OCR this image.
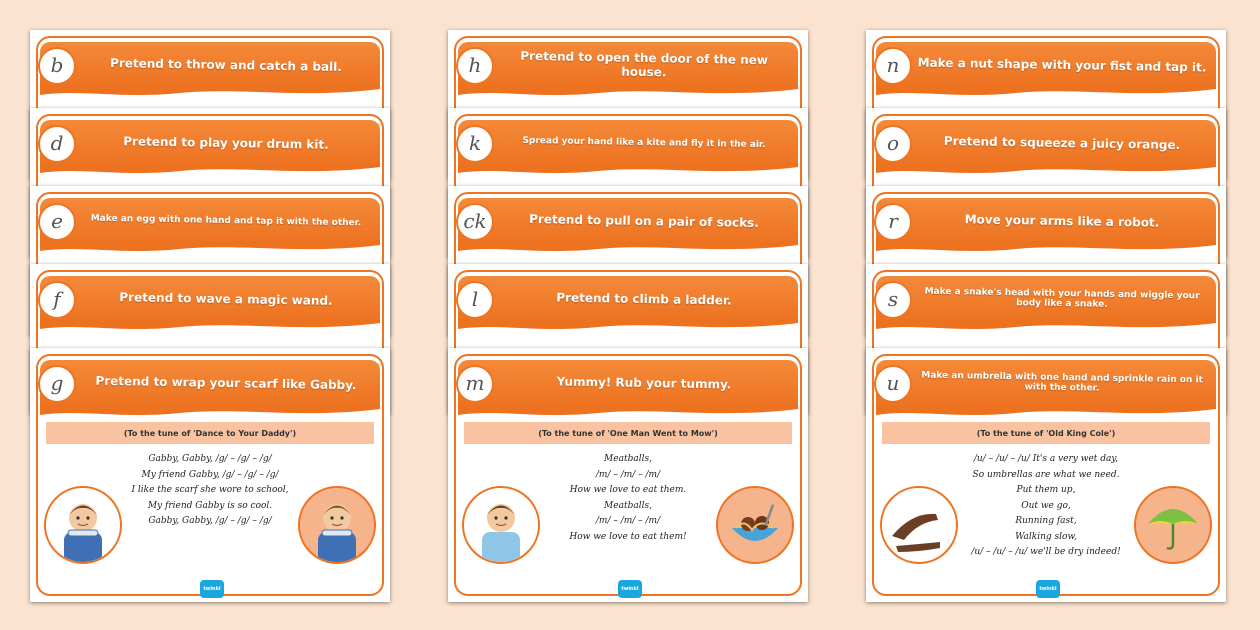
b	Pretend to throw and catch a ball.
d	Pretend to play your drum kit.
e	Make an egg with one hand and tap it with the other.
f	Pretend to wave a magic wand.
g	Pretend to wrap your scarf like Gabby.
(To the tune of 'Dance to Your Daddy')
Gabby, Gabby, /g/ – /g/ – /g/
My friend Gabby, /g/ – /g/ – /g/
I like the scarf she wore to school,
My friend Gabby is so cool.
Gabby, Gabby, /g/ – /g/ – /g/
twinkl
h	Pretend to open the door of the new house.
k	Spread your hand like a kite and fly it in the air.
ck	Pretend to pull on a pair of socks.
l	Pretend to climb a ladder.
m	Yummy! Rub your tummy.
(To the tune of 'One Man Went to Mow')
Meatballs,
/m/ – /m/ – /m/
How we love to eat them.
Meatballs,
/m/ – /m/ – /m/
How we love to eat them!
twinkl
n	Make a nut shape with your fist and tap it.
o	Pretend to squeeze a juicy orange.
r	Move your arms like a robot.
s	Make a snake's head with your hands and wiggle your body like a snake.
u	Make an umbrella with one hand and sprinkle rain on it with the other.
(To the tune of 'Old King Cole')
/u/ – /u/ – /u/ It's a very wet day,
So umbrellas are what we need.
Put them up,
Out we go,
Running fast,
Walking slow,
/u/ – /u/ – /u/ we'll be dry indeed!
twinkl
